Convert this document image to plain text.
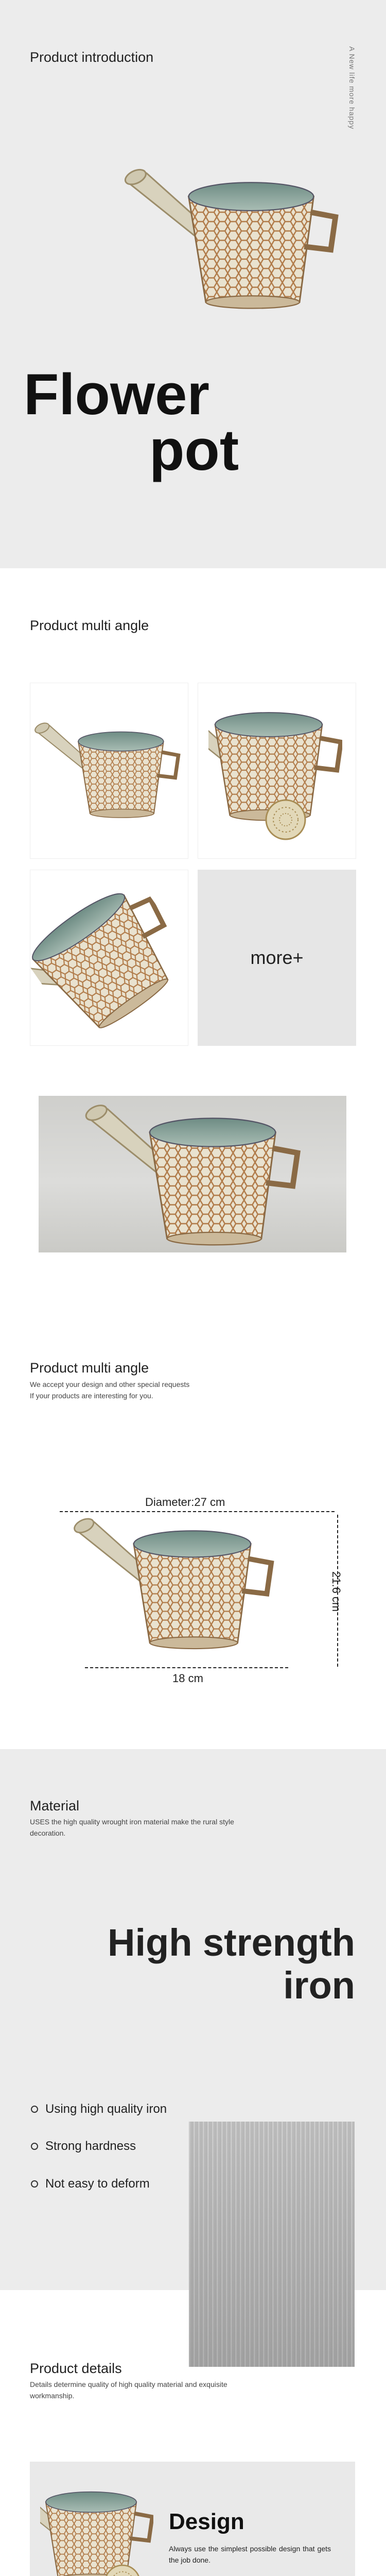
Product introduction	A New life more happy
Flower
pot
Product multi angle
more+
Product multi angle
We accept your design and other special requests
If your products are interesting for you.
Diameter:27 cm
21.6 cm
18 cm
Material
USES the high quality wrought iron material make the rural style
decoration.
High strength
iron
Using high quality iron
Strong hardness
Not easy to deform
Product details
Details determine quality of high quality material and exquisite
workmanship.
Design
Always use the simplest possible design that gets the job done.
